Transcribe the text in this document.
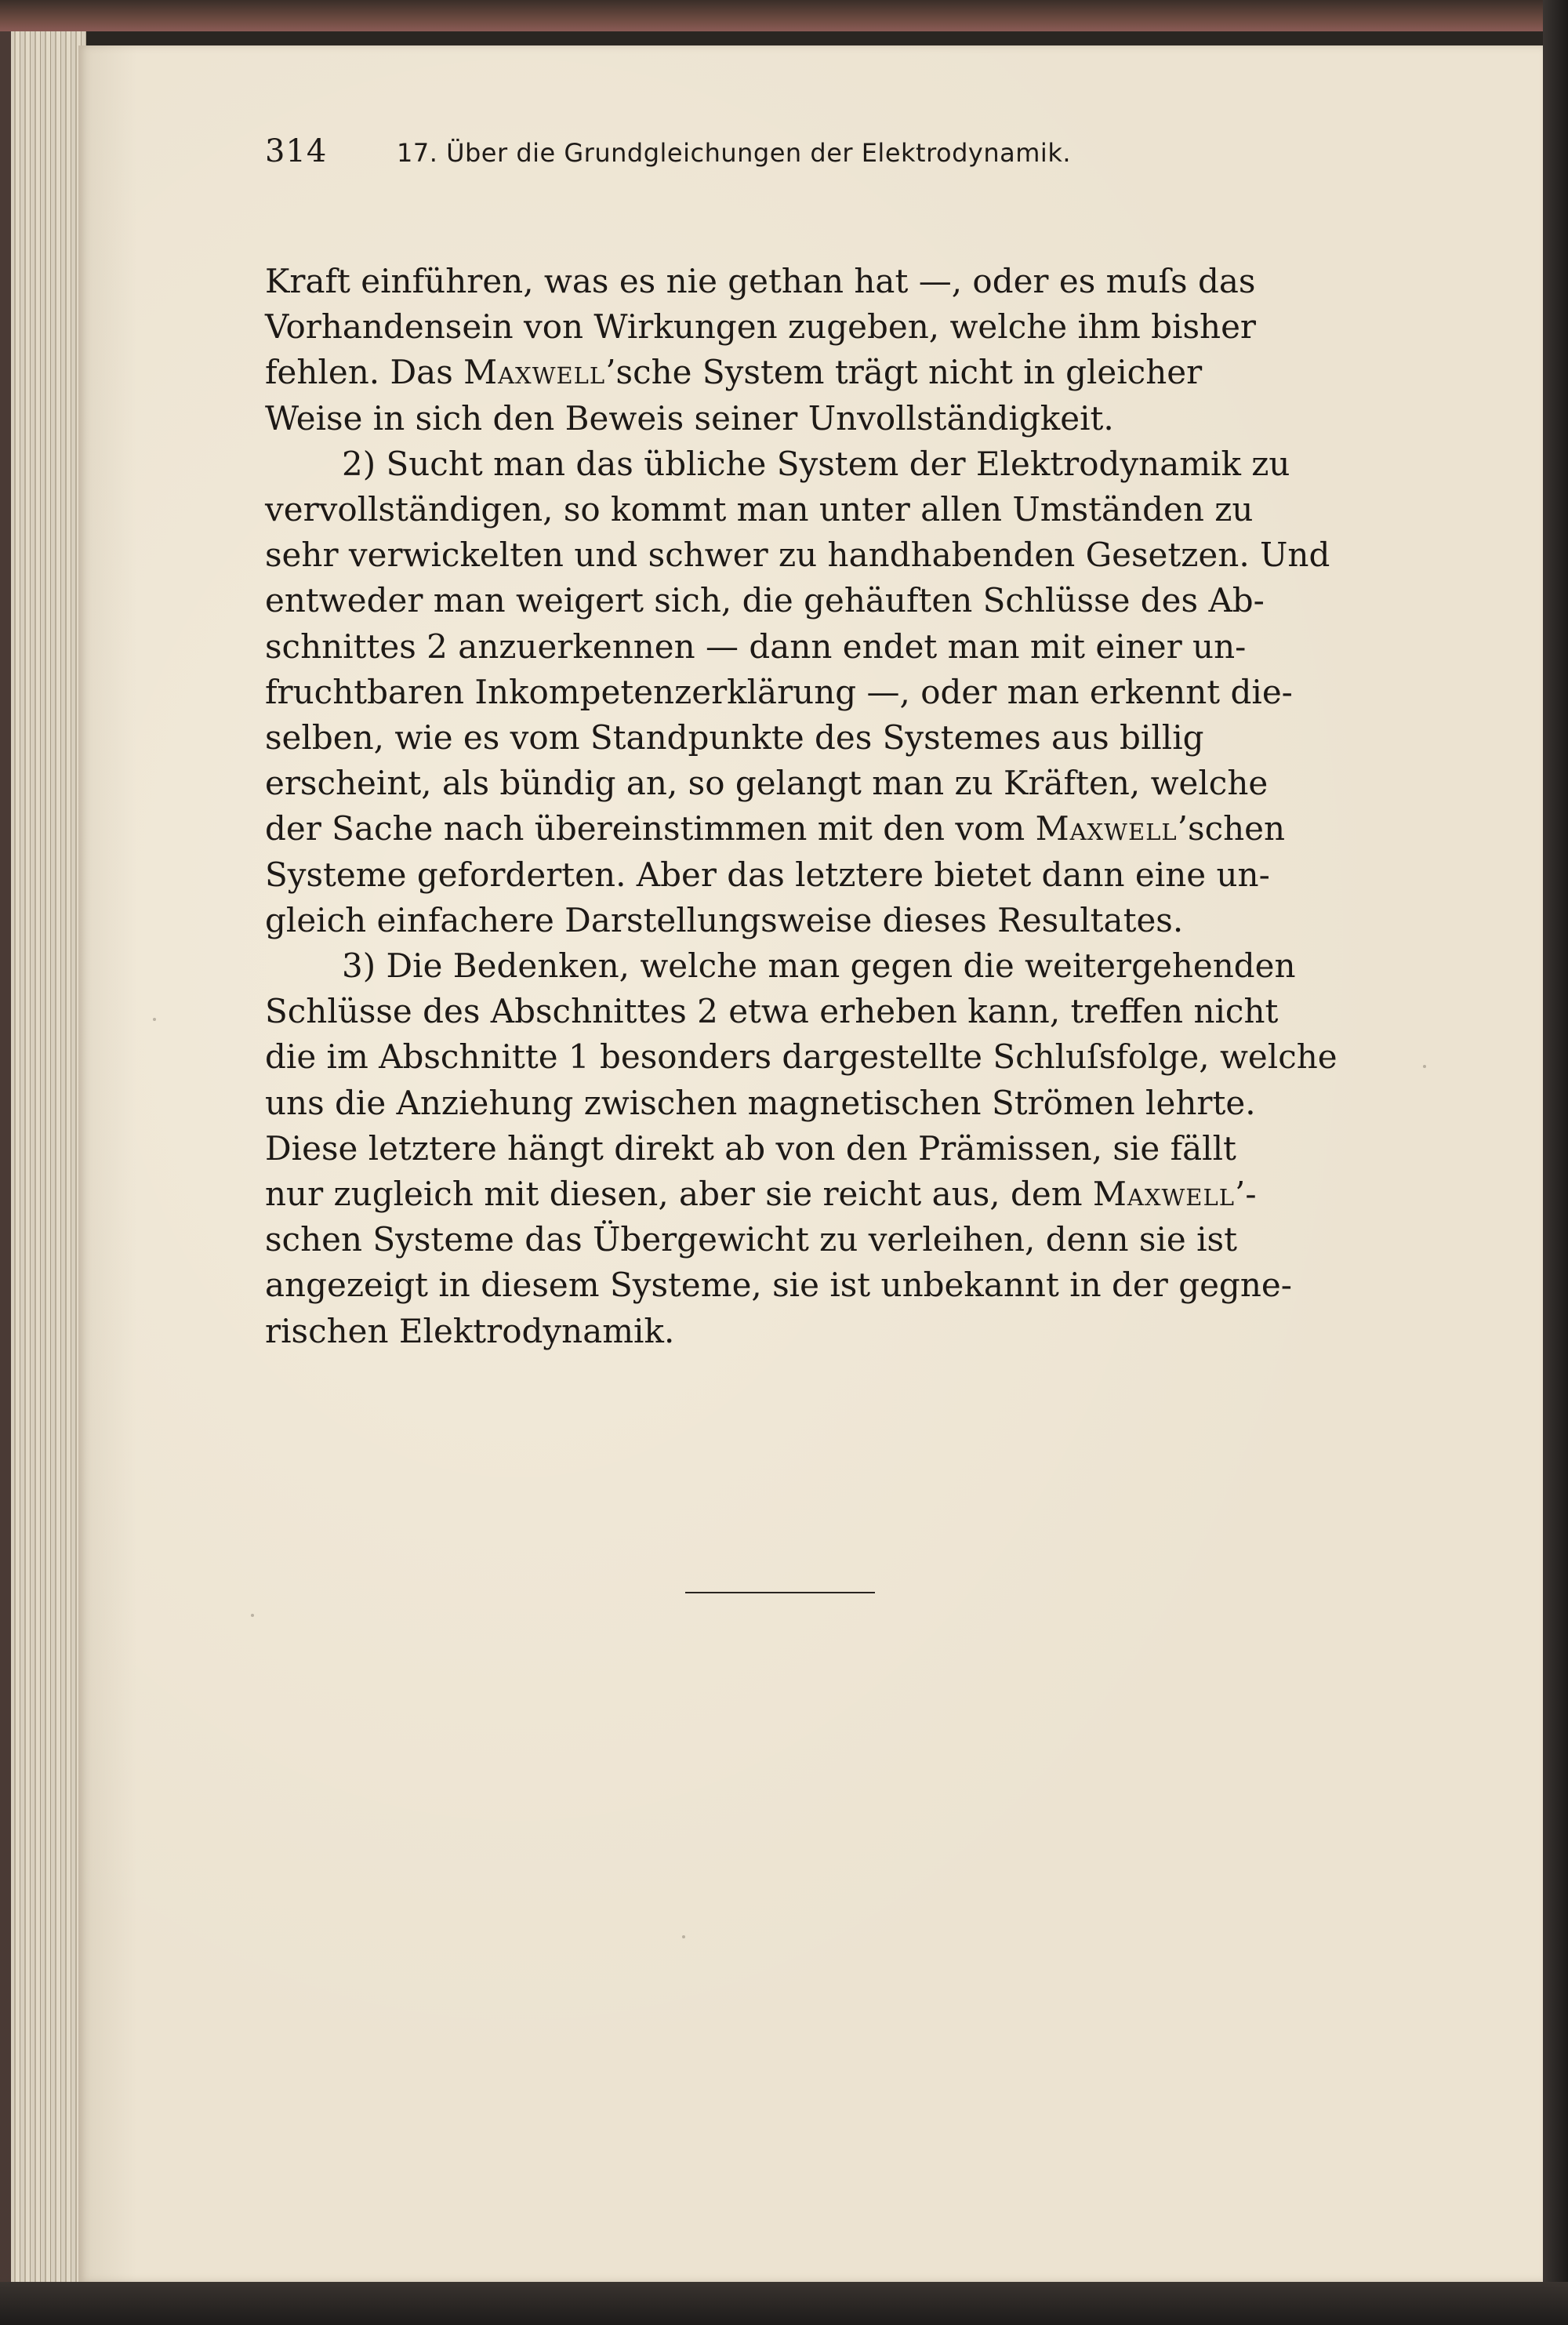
314	17. Über die Grundgleichungen der Elektrodynamik.

Kraft einführen, was es nie gethan hat —, oder es muſs das
Vorhandensein von Wirkungen zugeben, welche ihm bisher
fehlen. Das Maxwell’sche System trägt nicht in gleicher
Weise in sich den Beweis seiner Unvollständigkeit.

2) Sucht man das übliche System der Elektrodynamik zu
vervollständigen, so kommt man unter allen Umständen zu
sehr verwickelten und schwer zu handhabenden Gesetzen. Und
entweder man weigert sich, die gehäuften Schlüsse des Ab-
schnittes 2 anzuerkennen — dann endet man mit einer un-
fruchtbaren Inkompetenzerklärung —, oder man erkennt die-
selben, wie es vom Standpunkte des Systemes aus billig
erscheint, als bündig an, so gelangt man zu Kräften, welche
der Sache nach übereinstimmen mit den vom Maxwell’schen
Systeme geforderten. Aber das letztere bietet dann eine un-
gleich einfachere Darstellungsweise dieses Resultates.

3) Die Bedenken, welche man gegen die weitergehenden
Schlüsse des Abschnittes 2 etwa erheben kann, treffen nicht
die im Abschnitte 1 besonders dargestellte Schluſsfolge, welche
uns die Anziehung zwischen magnetischen Strömen lehrte.
Diese letztere hängt direkt ab von den Prämissen, sie fällt
nur zugleich mit diesen, aber sie reicht aus, dem Maxwell’-
schen Systeme das Übergewicht zu verleihen, denn sie ist
angezeigt in diesem Systeme, sie ist unbekannt in der gegne-
rischen Elektrodynamik.
